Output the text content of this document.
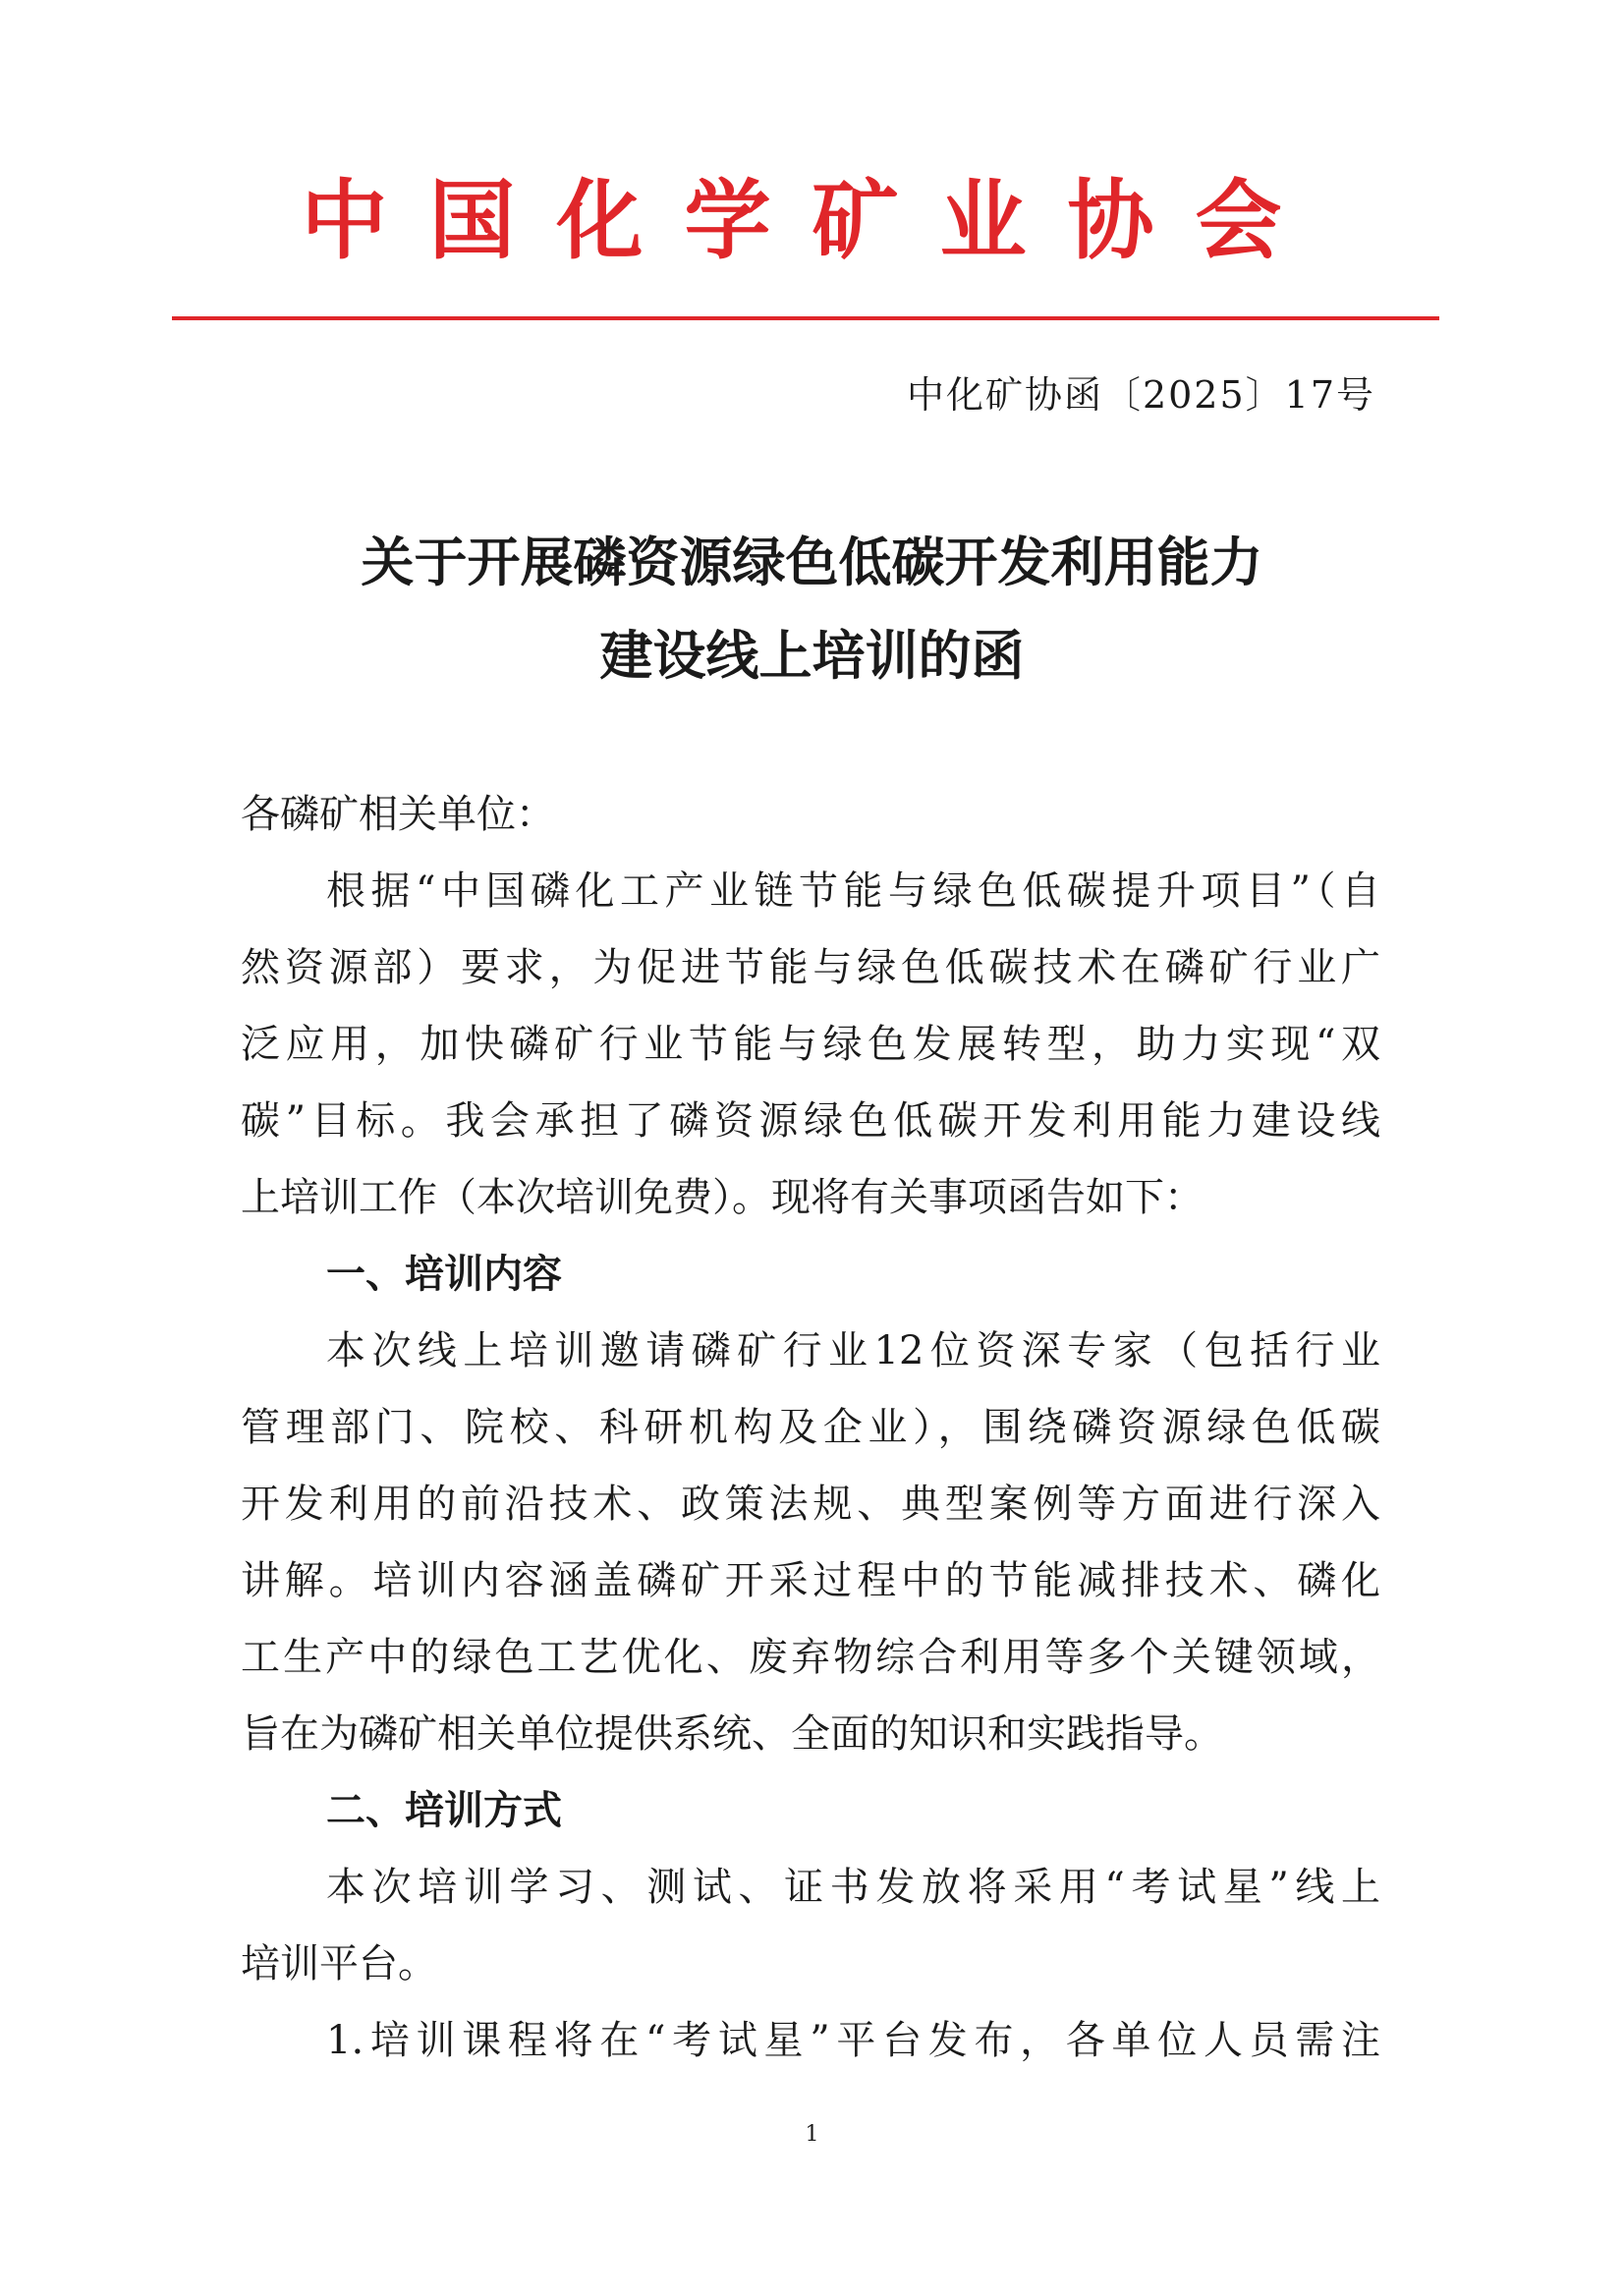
中国化学矿业协会
中化矿协函〔2025〕17号
关于开展磷资源绿色低碳开发利用能力
建设线上培训的函
各磷矿相关单位：
根据“中国磷化工产业链节能与绿色低碳提升项目”（自
然资源部）要求，为促进节能与绿色低碳技术在磷矿行业广
泛应用，加快磷矿行业节能与绿色发展转型，助力实现“双
碳”目标。我会承担了磷资源绿色低碳开发利用能力建设线
上培训工作（本次培训免费）。现将有关事项函告如下：
一、培训内容
本次线上培训邀请磷矿行业12位资深专家（包括行业
管理部门、院校、科研机构及企业），围绕磷资源绿色低碳
开发利用的前沿技术、政策法规、典型案例等方面进行深入
讲解。培训内容涵盖磷矿开采过程中的节能减排技术、磷化
工生产中的绿色工艺优化、废弃物综合利用等多个关键领域，
旨在为磷矿相关单位提供系统、全面的知识和实践指导。
二、培训方式
本次培训学习、测试、证书发放将采用“考试星”线上
培训平台。
1.培训课程将在“考试星”平台发布，各单位人员需注
1
